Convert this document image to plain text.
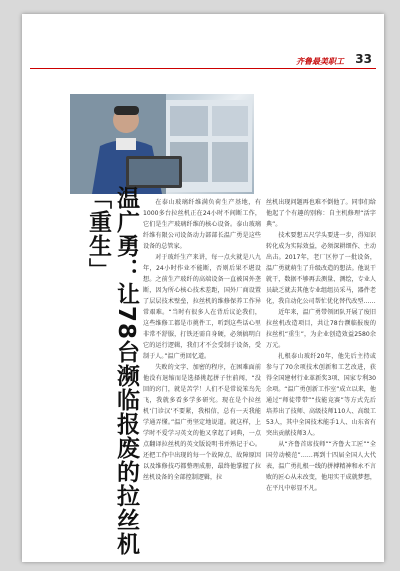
齐鲁最美职工 33
温广勇：让78台濒临报废的拉丝机「重生」	在泰山玻璃纤维满负荷生产基地，有1000多台拉丝机正在24小时不间断工作，它们是生产玻璃纤维的核心设备。泰山玻璃纤维有限公司设备动力部部长温广勇是这些设备的总管家。

对于玻纤生产来讲，每一点火就是八九年，24小时作业不能断，否则后果不堪设想。之前生产玻纤的高端设备一直被国外垄断，因为所心核心技术差距，国外厂商设置了层层技术壁垒，拉丝机的维修保养工作异常艰难。“当时有很多人在背后议论我们，这些维修工都是市挑件工，听到这些话心里非常不舒服，打铁还需自身硬，必须搞明白它的运行逻辑，我们才不会受制于设备，受制于人。”温广勇回忆道。

失败的文字、加密的程序，在困难面前他没有退缩而是选择挑起拼子往前闯，“没回的窍门，就是苦学！人们不是常说笨鸟先飞，我就多看多学多研究。现在是个拉丝机‘门诊汉’不要紧，我相信，总有一天我能学通弄懂。”温广勇坚定地说道。就这样，上学时不爱学习英文的他又拿起了词典，一点点翻译拉丝机的英文版说明书并熟记于心。还把工作中出现的每一个故障点、故障原因以及维修技巧都整理成册，最终他掌握了拉丝机设备的全部控制逻辑，拉

丝机出现问题再也难不倒他了。同事们给他起了个有趣的别称：自主机修理“活字典”。

技术要想五尺学头要进一步，得知识转化成为实际效益，必须深耕细作、主动出击。2017年，老厂区停了一批设备，温广勇就萌生了升级改造的想法。他说干就干，数据不够再去测量、测绘，专业人员缺乏就去其他专业组组员采马，器件老化，我自动化公司帮忙优化替代改型……

近年来，温广勇带领团队开展了废旧拉丝机改造项目，共让78台濒临报废的拉丝机“重生”，为企业创造效益2580余万元。

扎根泰山玻纤20年，他先后主持或参与了70余项技术创新和工艺改进，获得全国建材行业革新奖3项、国家专利30余项。“温广勇创新工作室”成立以来，他通过“师徒带带”“技能竞赛”等方式先后培养出了技师、高级技师110人、高级工53人，其中全国技术能手1人、山东省有突出贡献技师3人。

从“齐鲁首席技师”“齐鲁大工匠”“全国劳动模范”……再到十四届全国人大代表，温广勇扎根一线的拼搏精神和永不言败的匠心从未改变，他用实干成就梦想，在平凡中彰显不凡。
